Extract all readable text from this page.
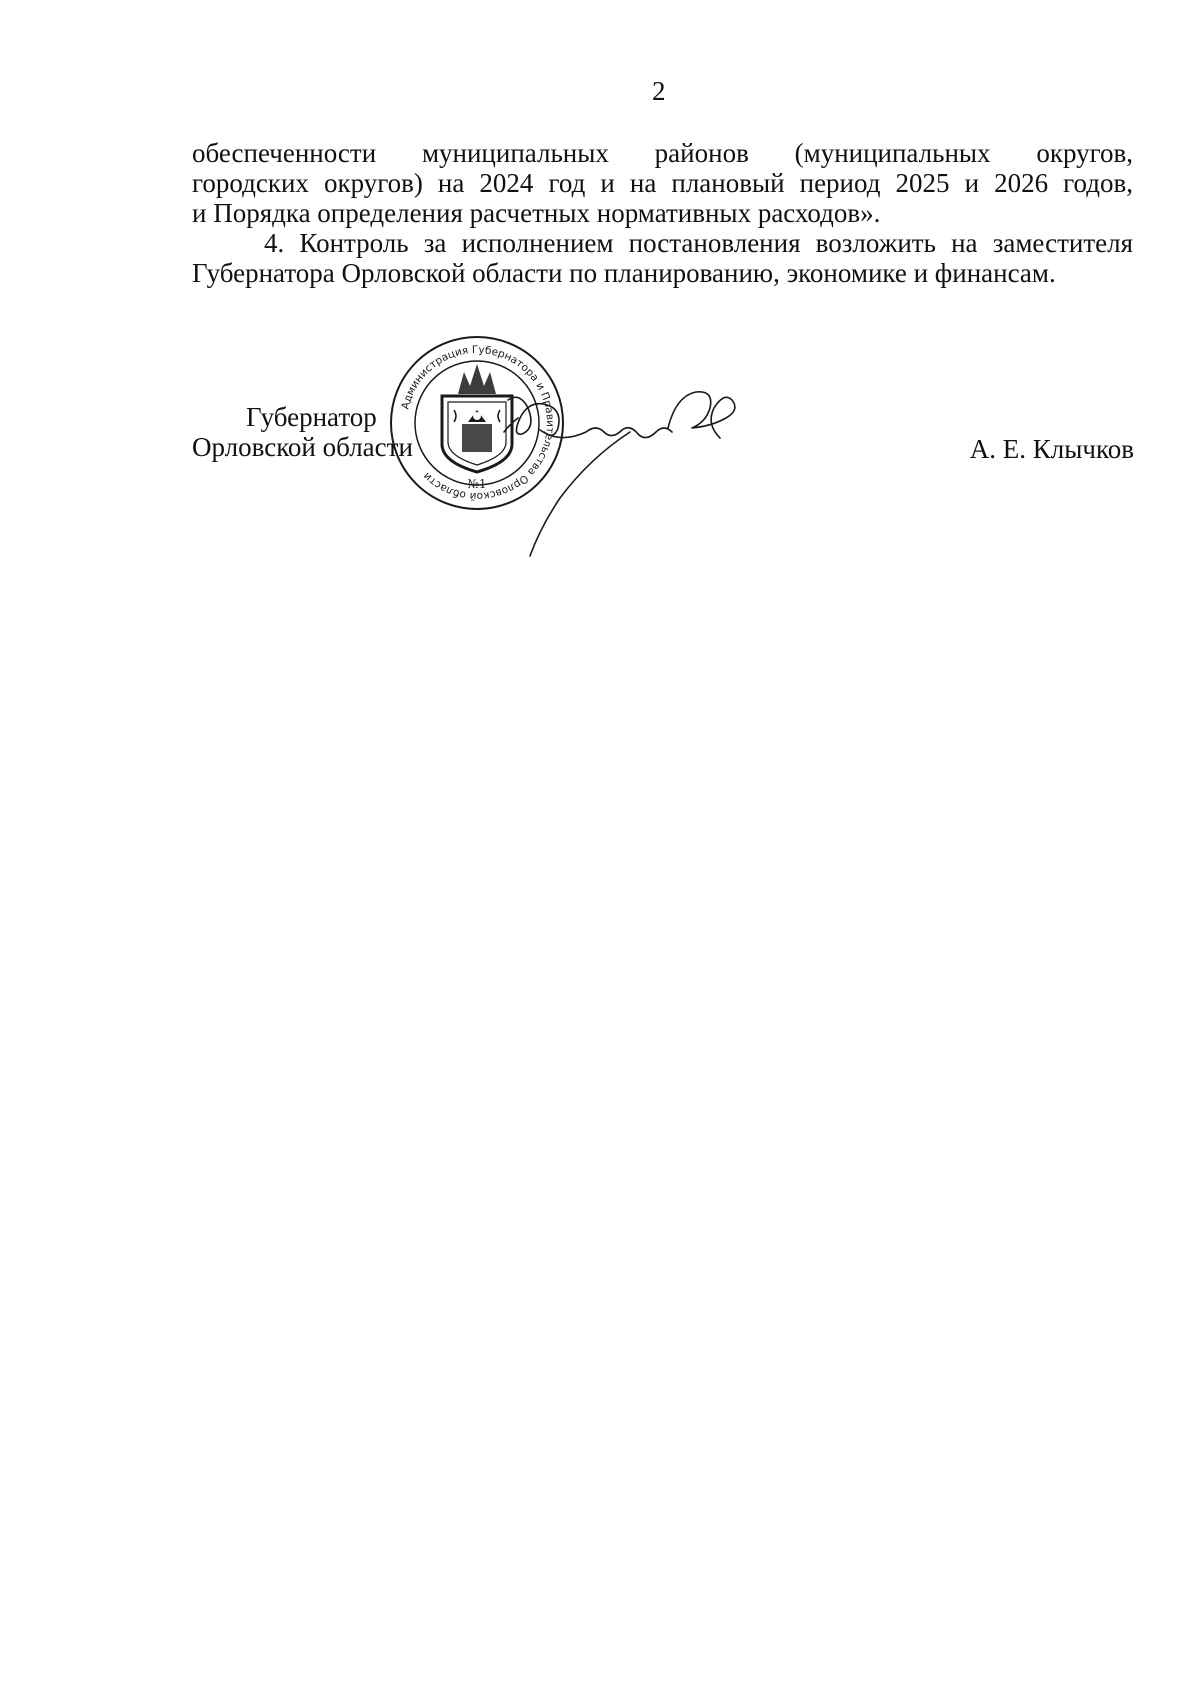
2

обеспеченности муниципальных районов (муниципальных округов,
городских округов) на 2024 год и на плановый период 2025 и 2026 годов,
и Порядка определения расчетных нормативных расходов».

4. Контроль за исполнением постановления возложить на заместителя Губернатора Орловской области по планированию, экономике и финансам.

Губернатор
Орловской области
Администрация Губернатора и Правительства Орловской области
№1
А. Е. Клычков
